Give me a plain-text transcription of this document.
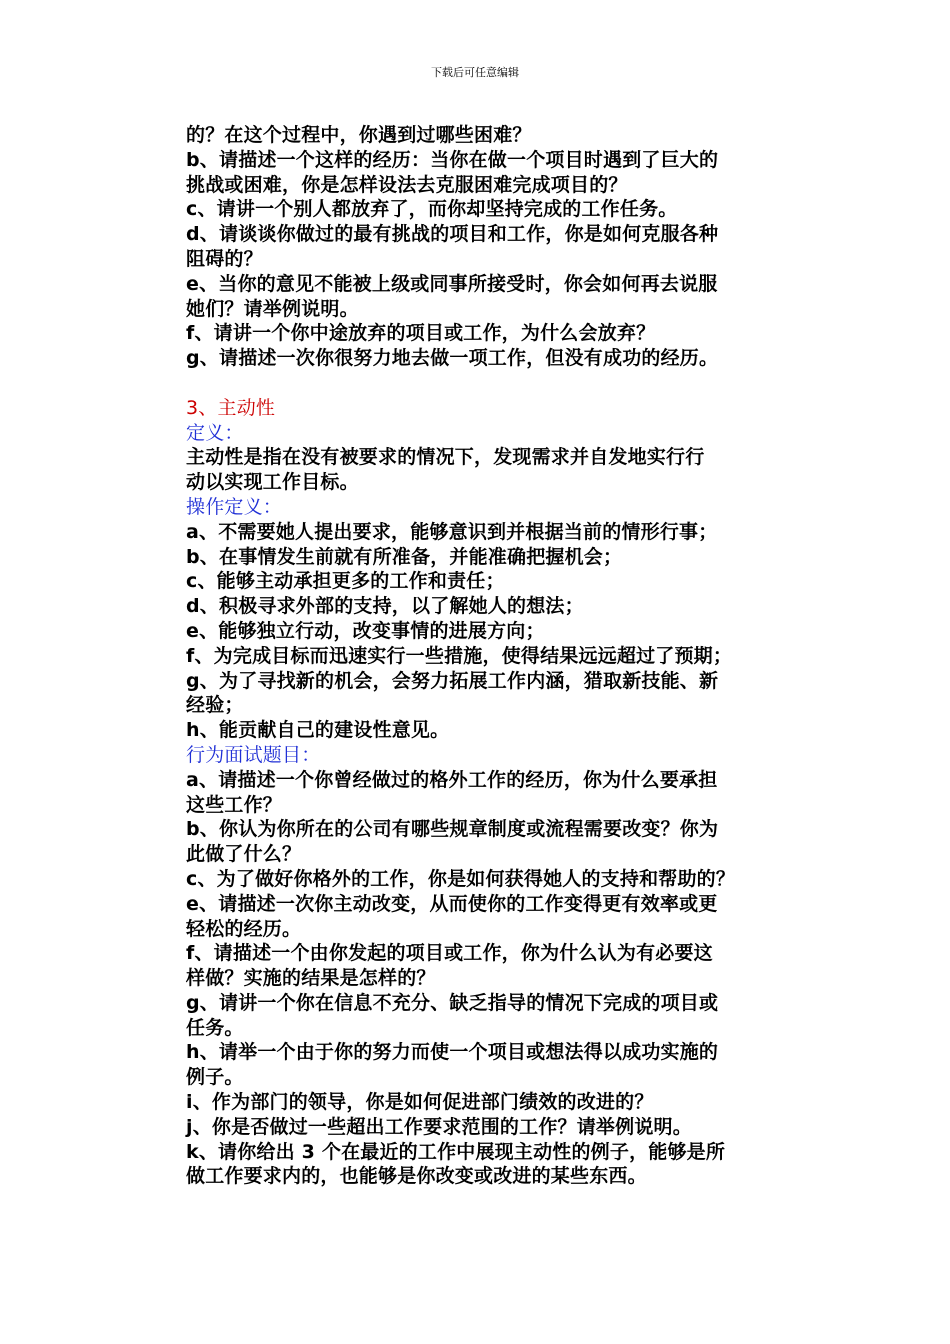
下载后可任意编辑
的？在这个过程中，你遇到过哪些困难？
b、请描述一个这样的经历：当你在做一个项目时遇到了巨大的
挑战或困难，你是怎样设法去克服困难完成项目的？
c、请讲一个别人都放弃了，而你却坚持完成的工作任务。
d、请谈谈你做过的最有挑战的项目和工作，你是如何克服各种
阻碍的？
e、当你的意见不能被上级或同事所接受时，你会如何再去说服
她们？请举例说明。
f、请讲一个你中途放弃的项目或工作，为什么会放弃？
g、请描述一次你很努力地去做一项工作，但没有成功的经历。
3、主动性
定义：
主动性是指在没有被要求的情况下，发现需求并自发地实行行
动以实现工作目标。
操作定义：
a、不需要她人提出要求，能够意识到并根据当前的情形行事；
b、在事情发生前就有所准备，并能准确把握机会；
c、能够主动承担更多的工作和责任；
d、积极寻求外部的支持，以了解她人的想法；
e、能够独立行动，改变事情的进展方向；
f、为完成目标而迅速实行一些措施，使得结果远远超过了预期；
g、为了寻找新的机会，会努力拓展工作内涵，猎取新技能、新
经验；
h、能贡献自己的建设性意见。
行为面试题目：
a、请描述一个你曾经做过的格外工作的经历，你为什么要承担
这些工作？
b、你认为你所在的公司有哪些规章制度或流程需要改变？你为
此做了什么？
c、为了做好你格外的工作，你是如何获得她人的支持和帮助的？
e、请描述一次你主动改变，从而使你的工作变得更有效率或更
轻松的经历。
f、请描述一个由你发起的项目或工作，你为什么认为有必要这
样做？实施的结果是怎样的？
g、请讲一个你在信息不充分、缺乏指导的情况下完成的项目或
任务。
h、请举一个由于你的努力而使一个项目或想法得以成功实施的
例子。
i、作为部门的领导，你是如何促进部门绩效的改进的？
j、你是否做过一些超出工作要求范围的工作？请举例说明。
k、请你给出 3 个在最近的工作中展现主动性的例子，能够是所
做工作要求内的，也能够是你改变或改进的某些东西。
